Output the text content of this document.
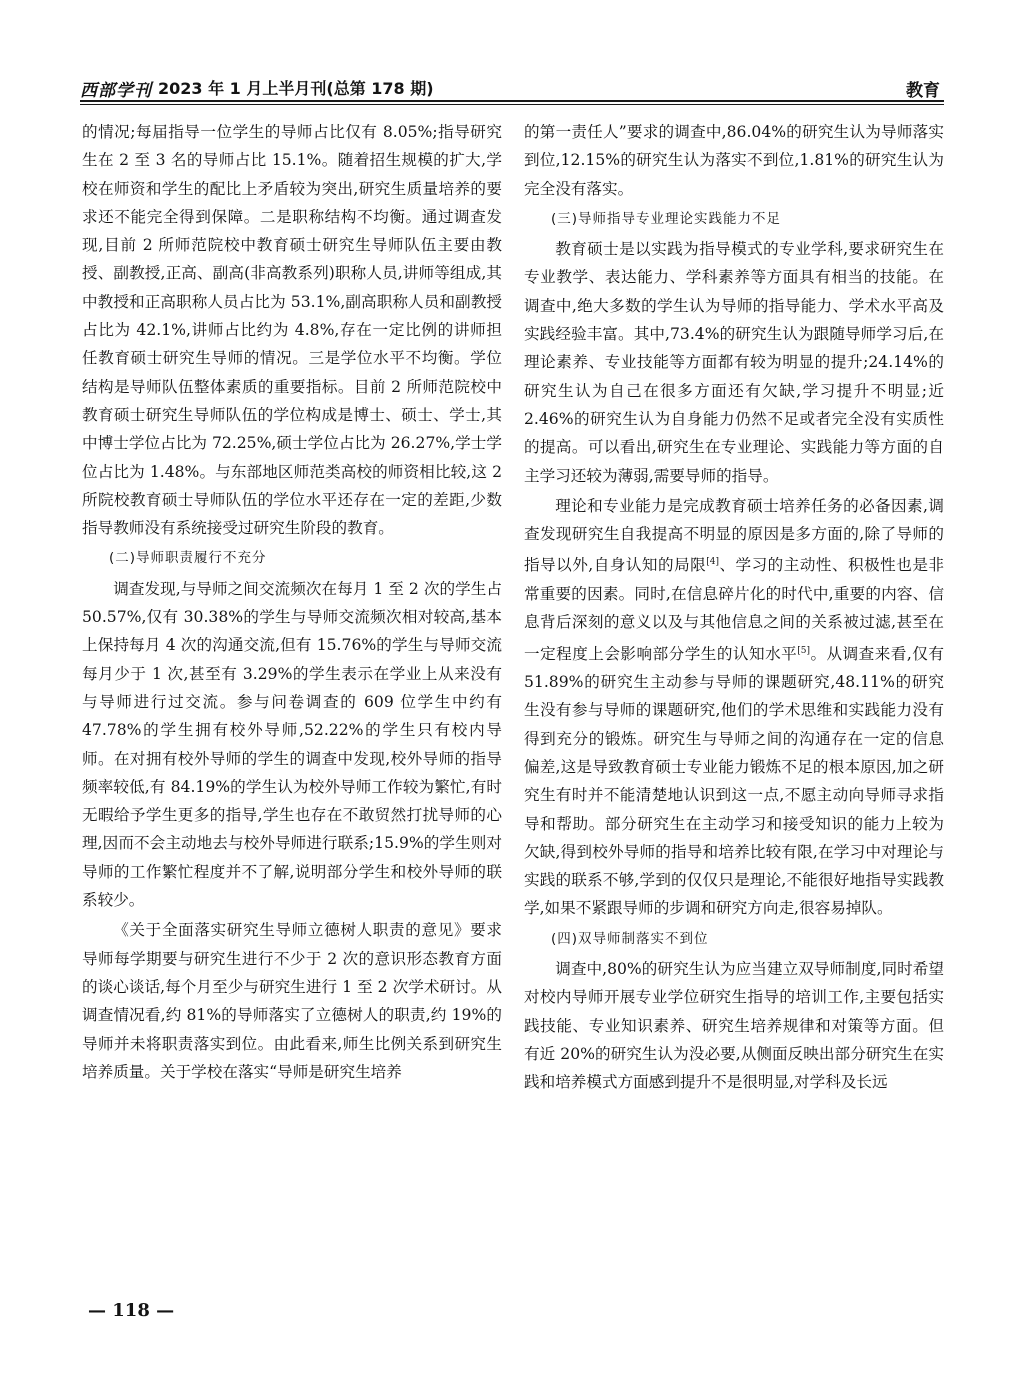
西部学刊 2023 年 1 月上半月刊(总第 178 期)	教育

的情况;每届指导一位学生的导师占比仅有 8.05%;指导研究生在 2 至 3 名的导师占比 15.1%。随着招生规模的扩大,学校在师资和学生的配比上矛盾较为突出,研究生质量培养的要求还不能完全得到保障。二是职称结构不均衡。通过调查发现,目前 2 所师范院校中教育硕士研究生导师队伍主要由教授、副教授,正高、副高(非高教系列)职称人员,讲师等组成,其中教授和正高职称人员占比为 53.1%,副高职称人员和副教授占比为 42.1%,讲师占比约为 4.8%,存在一定比例的讲师担任教育硕士研究生导师的情况。三是学位水平不均衡。学位结构是导师队伍整体素质的重要指标。目前 2 所师范院校中教育硕士研究生导师队伍的学位构成是博士、硕士、学士,其中博士学位占比为 72.25%,硕士学位占比为 26.27%,学士学位占比为 1.48%。与东部地区师范类高校的师资相比较,这 2 所院校教育硕士导师队伍的学位水平还存在一定的差距,少数指导教师没有系统接受过研究生阶段的教育。

(二)导师职责履行不充分

调查发现,与导师之间交流频次在每月 1 至 2 次的学生占 50.57%,仅有 30.38%的学生与导师交流频次相对较高,基本上保持每月 4 次的沟通交流,但有 15.76%的学生与导师交流每月少于 1 次,甚至有 3.29%的学生表示在学业上从来没有与导师进行过交流。参与问卷调查的 609 位学生中约有 47.78%的学生拥有校外导师,52.22%的学生只有校内导师。在对拥有校外导师的学生的调查中发现,校外导师的指导频率较低,有 84.19%的学生认为校外导师工作较为繁忙,有时无暇给予学生更多的指导,学生也存在不敢贸然打扰导师的心理,因而不会主动地去与校外导师进行联系;15.9%的学生则对导师的工作繁忙程度并不了解,说明部分学生和校外导师的联系较少。

《关于全面落实研究生导师立德树人职责的意见》要求导师每学期要与研究生进行不少于 2 次的意识形态教育方面的谈心谈话,每个月至少与研究生进行 1 至 2 次学术研讨。从调查情况看,约 81%的导师落实了立德树人的职责,约 19%的导师并未将职责落实到位。由此看来,师生比例关系到研究生培养质量。关于学校在落实“导师是研究生培养

的第一责任人”要求的调查中,86.04%的研究生认为导师落实到位,12.15%的研究生认为落实不到位,1.81%的研究生认为完全没有落实。

(三)导师指导专业理论实践能力不足

教育硕士是以实践为指导模式的专业学科,要求研究生在专业教学、表达能力、学科素养等方面具有相当的技能。在调查中,绝大多数的学生认为导师的指导能力、学术水平高及实践经验丰富。其中,73.4%的研究生认为跟随导师学习后,在理论素养、专业技能等方面都有较为明显的提升;24.14%的研究生认为自己在很多方面还有欠缺,学习提升不明显;近 2.46%的研究生认为自身能力仍然不足或者完全没有实质性的提高。可以看出,研究生在专业理论、实践能力等方面的自主学习还较为薄弱,需要导师的指导。

理论和专业能力是完成教育硕士培养任务的必备因素,调查发现研究生自我提高不明显的原因是多方面的,除了导师的指导以外,自身认知的局限[4]、学习的主动性、积极性也是非常重要的因素。同时,在信息碎片化的时代中,重要的内容、信息背后深刻的意义以及与其他信息之间的关系被过滤,甚至在一定程度上会影响部分学生的认知水平[5]。从调查来看,仅有 51.89%的研究生主动参与导师的课题研究,48.11%的研究生没有参与导师的课题研究,他们的学术思维和实践能力没有得到充分的锻炼。研究生与导师之间的沟通存在一定的信息偏差,这是导致教育硕士专业能力锻炼不足的根本原因,加之研究生有时并不能清楚地认识到这一点,不愿主动向导师寻求指导和帮助。部分研究生在主动学习和接受知识的能力上较为欠缺,得到校外导师的指导和培养比较有限,在学习中对理论与实践的联系不够,学到的仅仅只是理论,不能很好地指导实践教学,如果不紧跟导师的步调和研究方向走,很容易掉队。

(四)双导师制落实不到位

调查中,80%的研究生认为应当建立双导师制度,同时希望对校内导师开展专业学位研究生指导的培训工作,主要包括实践技能、专业知识素养、研究生培养规律和对策等方面。但有近 20%的研究生认为没必要,从侧面反映出部分研究生在实践和培养模式方面感到提升不是很明显,对学科及长远

— 118 —
